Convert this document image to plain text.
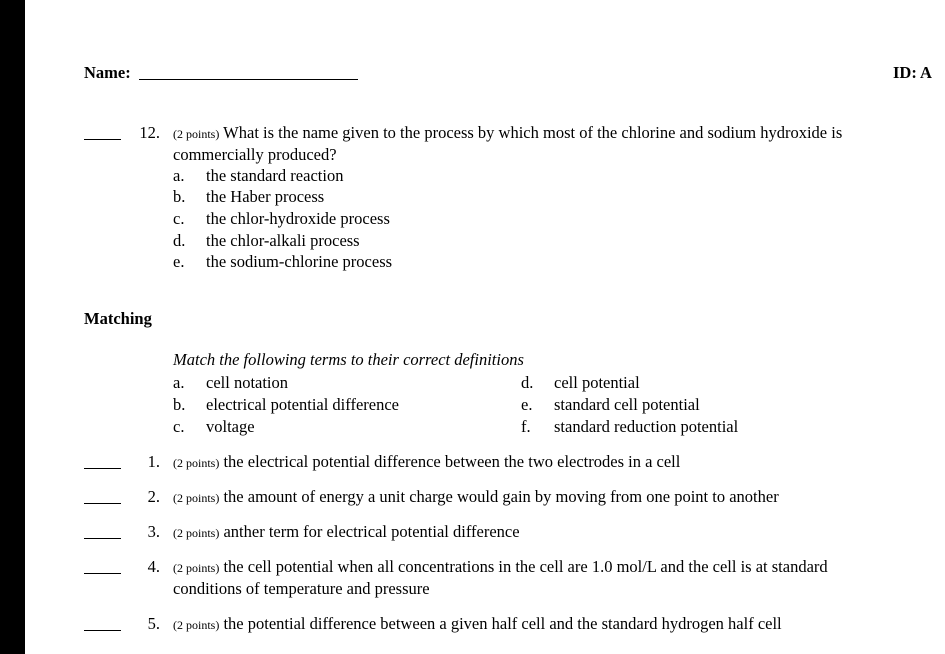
Name:	ID: A
12. (2 points) What is the name given to the process by which most of the chlorine and sodium hydroxide is
commercially produced?
a. the standard reaction
b. the Haber process
c. the chlor-hydroxide process
d. the chlor-alkali process
e. the sodium-chlorine process
Matching
Match the following terms to their correct definitions
a. cell notation
b. electrical potential difference
c. voltage
d. cell potential
e. standard cell potential
f. standard reduction potential
1. (2 points) the electrical potential difference between the two electrodes in a cell
2. (2 points) the amount of energy a unit charge would gain by moving from one point to another
3. (2 points) anther term for electrical potential difference
4. (2 points) the cell potential when all concentrations in the cell are 1.0 mol/L and the cell is at standard
conditions of temperature and pressure
5. (2 points) the potential difference between a given half cell and the standard hydrogen half cell
